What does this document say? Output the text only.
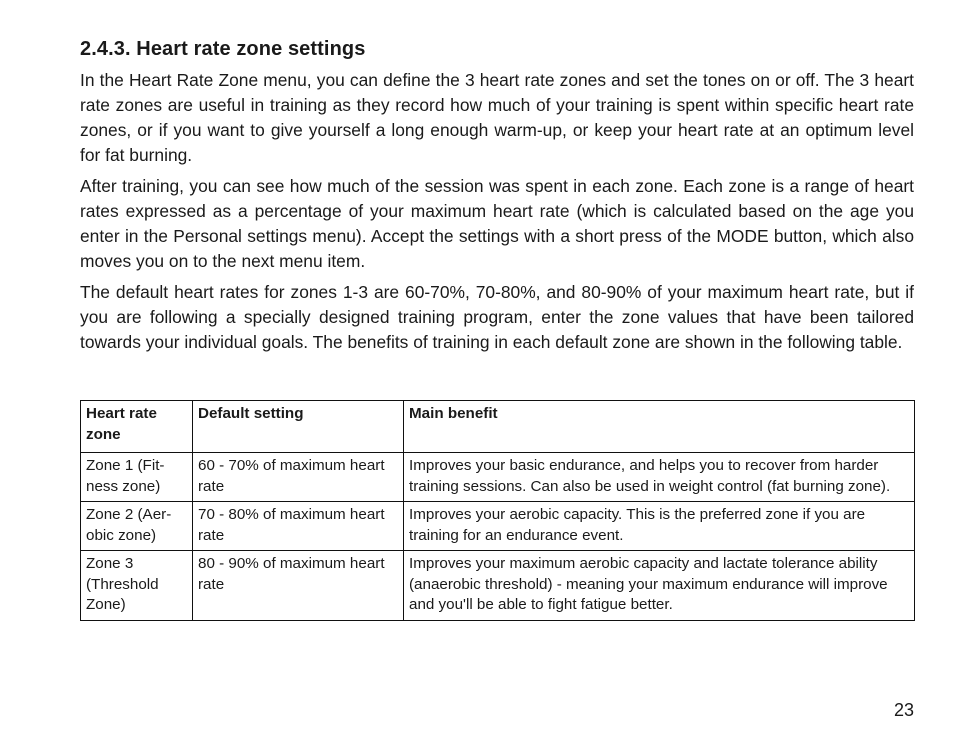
2.4.3. Heart rate zone settings

In the Heart Rate Zone menu, you can define the 3 heart rate zones and set the tones on or off. The 3 heart rate zones are useful in training as they record how much of your training is spent within specific heart rate zones, or if you want to give yourself a long enough warm-up, or keep your heart rate at an optimum level for fat burning.

After training, you can see how much of the session was spent in each zone. Each zone is a range of heart rates expressed as a percentage of your maximum heart rate (which is calculated based on the age you enter in the Personal settings menu). Accept the settings with a short press of the MODE button, which also moves you on to the next menu item.

The default heart rates for zones 1-3 are 60-70%, 70-80%, and 80-90% of your maximum heart rate, but if you are following a specially designed training program, enter the zone values that have been tailored towards your individual goals. The benefits of training in each default zone are shown in the following table.

Heart rate zone	Default setting	Main benefit
Zone 1 (Fit-ness zone)	60 - 70% of maximum heart rate	Improves your basic endurance, and helps you to recover from harder training sessions. Can also be used in weight control (fat burning zone).
Zone 2 (Aer-obic zone)	70 - 80% of maximum heart rate	Improves your aerobic capacity. This is the preferred zone if you are training for an endurance event.
Zone 3 (Threshold Zone)	80 - 90% of maximum heart rate	Improves your maximum aerobic capacity and lactate tolerance ability (anaerobic threshold) - meaning your maximum endurance will improve and you'll be able to fight fatigue better.
23
